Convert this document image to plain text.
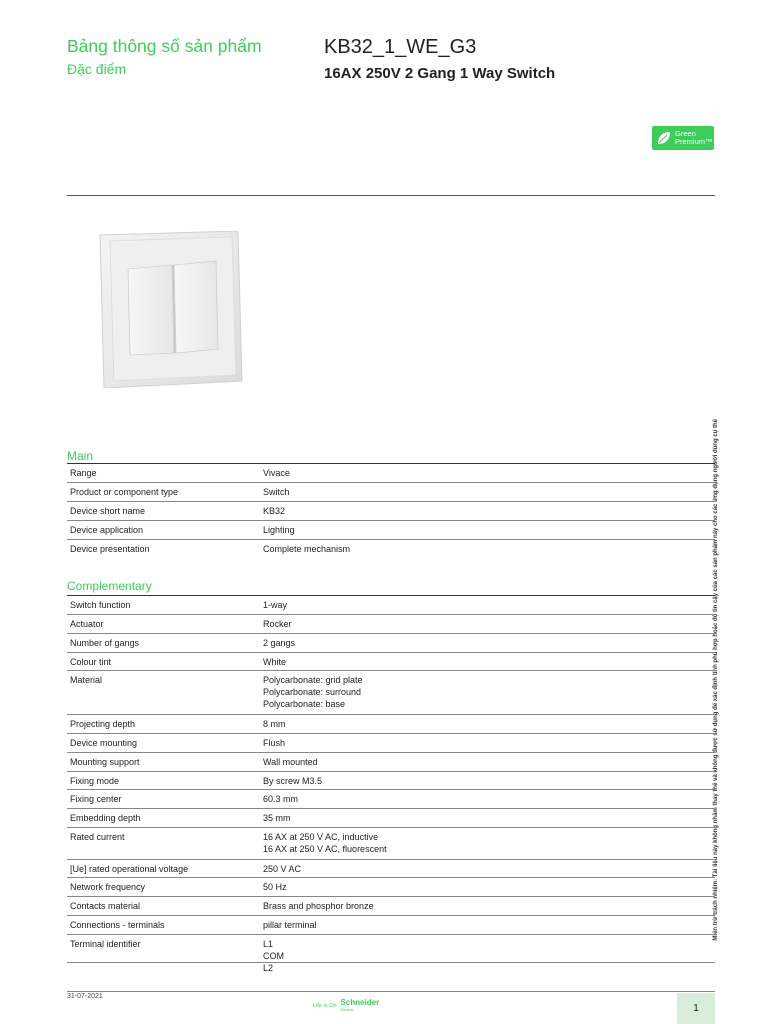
Bảng thông số sản phẩm
Đặc điểm
KB32_1_WE_G3
16AX 250V 2 Gang 1 Way Switch
Green
Premium™
Miễn trừ trách nhiệm: Tài liệu này không nhằm thay thế và không được sử dụng để xác định tính phù hợp hoặc độ tin cậy của các sản phẩm này cho các ứng dụng người dùng cụ thể
Main
Range	Vivace

Product or component type	Switch

Device short name	KB32

Device application	Lighting

Device presentation	Complete mechanism
Complementary
Switch function	1-way

Actuator	Rocker

Number of gangs	2 gangs

Colour tint	White

Material	Polycarbonate: grid plate
Polycarbonate: surround
Polycarbonate: base

Projecting depth	8 mm

Device mounting	Flush

Mounting support	Wall mounted

Fixing mode	By screw M3.5

Fixing center	60.3 mm

Embedding depth	35 mm

Rated current	16 AX at 250 V AC, inductive
16 AX at 250 V AC, fluorescent

[Ue] rated operational voltage	250 V AC

Network frequency	50 Hz

Contacts material	Brass and phosphor bronze

Connections - terminals	pillar terminal

Terminal identifier	L1
COM
L2
31-07-2021
Life Is On Schneider
Electric	1
